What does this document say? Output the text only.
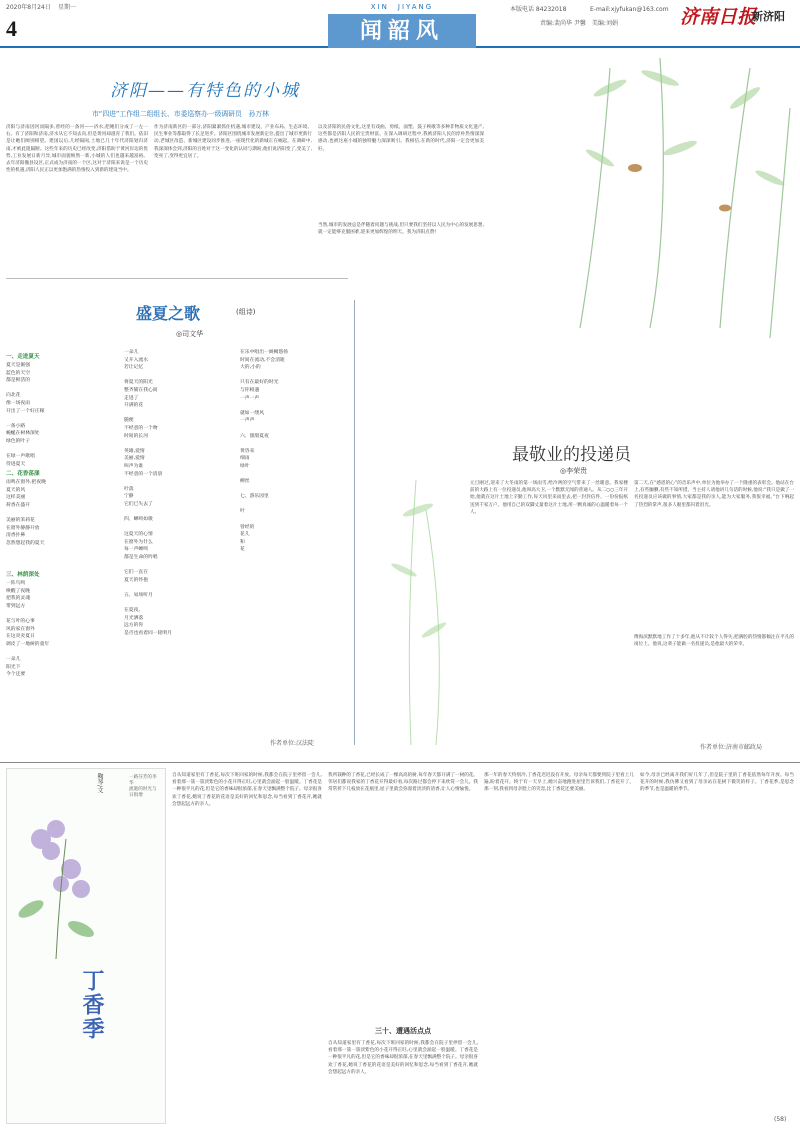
2020年8月24日 星期一
4
XIN　JIYANG
闻韶风
本版电话 84232018	E-mail:xjyfukan@163.com
责编:裴尚华 尹馨　美编:刘娟	济南日报
新济阳
济阳——有特色的小城
市“四进”工作组二组组长、市委巡察办一级调研员　孙万林
济阳与济南因河而隔多,曾经的一条河——济水,把她们分成了一左一右。有了济阳和济南,济水从它不知去向,但是黄河却滋育了我们。依旧是让她们阔别相望。建国以后,几经隔阂,土地已几十年代济阳划归济南,才被此阻隔断。这些年来的历史已经改变,济阳借助于黄河岸边的优势,工业发展日新月异,城市面貌焕然一新,小城的人们也越来越富裕。去年济阳撤县设区,正式成为济南的一个区,这对于济阳来说是一个历史性的机遇,济阳人民正以更加饱满的热情投入到新的建设当中。
作为济南新区的一部分,济阳紧紧抓住机遇,城市建设、产业布局、生态环境、民生事业等都取得了长足进步。济阳区围绕城市发展新定位,提出了城市更新行动,老城区改造、新城区建设同步推进,一座现代化的新城正在崛起。在调研中,我深深体会到,济阳的百姓对于这一变化的认同与期盼,他们说济阳变了,变美了,变亮了,变得更宜居了。
以及济阳的民俗文化,这里有戏曲、剪纸、面塑、鼓子秧歌等多种非物质文化遗产,这些都是济阳人民的宝贵财富。在深入调研过程中,我被济阳人民的淳朴热情深深感动,也被这座小城的独特魅力深深吸引。我相信,在新的时代,济阳一定会更加美好。
当然,城市的发展总是伴随着问题与挑战,但只要我们坚持以人民为中心的发展思想,就一定能够克服困难,迎来更加辉煌的明天。我为济阳点赞!
盛夏之歌	(组诗)
◎司文华
一、走进夏天
夏天是倔强
蓝色的天空
都是鲜活的

向北花
像一场夜雨
开出了一个好庄稼

一条小路
蜿蜒在树林深处
绿色的叶子

在绿一声歌唱
待进夏天

二、花香荡漾
雨鸣在窗外,把夜晚
夏天的风
这样美丽
荷香在盛开

美丽的茉莉花
在窗外静静开放
清香扑鼻
忽然想起我的夏天
三、林荫深处
一阵鸟鸣
唤醒了夜晚
把我的灵魂
带到远方

花与叶的心事
风的家在窗外
在这炎炎夏日
调皮了一地树的童年

一朵儿
阳光下
今个还要
一朵儿
又开入流水
若让记忆

将夏天的阳光
整齐铺在我心间
走进了
开满的花

随便
不经意的一个吻
时间的长河

英雄,爱情
美丽,爱情
叫声为谁
不经意的一个清晨

叶落
宁静
它们已失去了

四、蝉鸣如歌

这夏天的心情
在窗外为什么
每一声蝉鸣
都是生命的吟唱

它们一直在
夏天的怀抱

五、易场听月

在夏夜,
月光洒落
远方的你
是否也看着同一轮明月
在乐中唱出一阕阙悠扬
时间在流动,不会消逝
大的,小的

只有在最好的时光
与你相遇
一声一声

就如一缕风
一声声

六、甜甜夏夜

黄昏来
细雨
绿叶

柳丝

七、游乐园里

叶

曾经的
花儿
和
花
作者单位:汉法陡
最敬业的投递员
◎李荣贵
元旦刚过,迎来了大冬雨的第一场雨雪,给冷冽的空气带来了一丝暖意。我家楼前的大路上有一位投递员,他叫高大卫,一个默默无闻的普通人。从二○○三年开始,他就在这片土地上辛勤工作,每天风里来雨里去,把一封封信件、一份份报纸送到千家万户。他用自己的双脚丈量着这片土地,用一颗真诚的心温暖着每一个人。
第二天,在“感恩的心”的音乐声中,单位为他举办了一个隆重的表彰会。他站在台上,有些腼腆,有些不知所措。当主持人请他讲几句话的时候,他说:“我只是做了一名投递员应该做的事情,大家都是我的亲人,能为大家服务,我很幸福。”台下响起了热烈的掌声,很多人眼里都闪着泪光。
傅海滨默默地工作了十多年,他从不计较个人得失,把满腔的热情都倾注在平凡的岗位上。他说,这辈子能做一名投递员,是他最大的荣幸。
作者单位:济南市邮政局
一路芬芳的李华
流逝的时光与日俱增
鞠琴/文
丁香季
自从知道家里有丁香花,每次下班回家的时候,我都会在院子里停留一会儿,看着那一簇一簇淡紫色的小花开得正旺,心里就会涌起一股温暖。丁香花是一种很平凡的花,但是它的香味却很浓郁,在春天里飘满整个院子。母亲很喜欢丁香花,她说丁香花的花语是美好的回忆和思念,每当看到丁香花开,她就会想起远方的亲人。
我所栽种的丁香花,已经长成了一棵高高的树,每年春天都开满了一树的花。邻居们都说我家的丁香花开得最好看,每次路过都会停下来欣赏一会儿。我常常折下几枝放在花瓶里,屋子里就会弥漫着淡淡的清香,让人心情愉悦。
三十、遭遇活点点
自从知道家里有丁香花,每次下班回家的时候,我都会在院子里停留一会儿,看着那一簇一簇淡紫色的小花开得正旺,心里就会涌起一股温暖。丁香花是一种很平凡的花,但是它的香味却很浓郁,在春天里飘满整个院子。母亲很喜欢丁香花,她说丁香花的花语是美好的回忆和思念,每当看到丁香花开,她就会想起远方的亲人。
那一年的春天特别冷,丁香花迟迟没有开放。母亲每天都要到院子里看上几遍,盼着花开。终于有一天早上,她兴奋地跑进屋里告诉我们,丁香花开了。那一刻,我看到母亲脸上的笑容,比丁香花还要美丽。
如今,母亲已经离开我们好几年了,但是院子里的丁香花依然每年开放。每当花开的时候,我仿佛又看到了母亲站在花树下微笑的样子。丁香花季,是思念的季节,也是温暖的季节。
(58)
